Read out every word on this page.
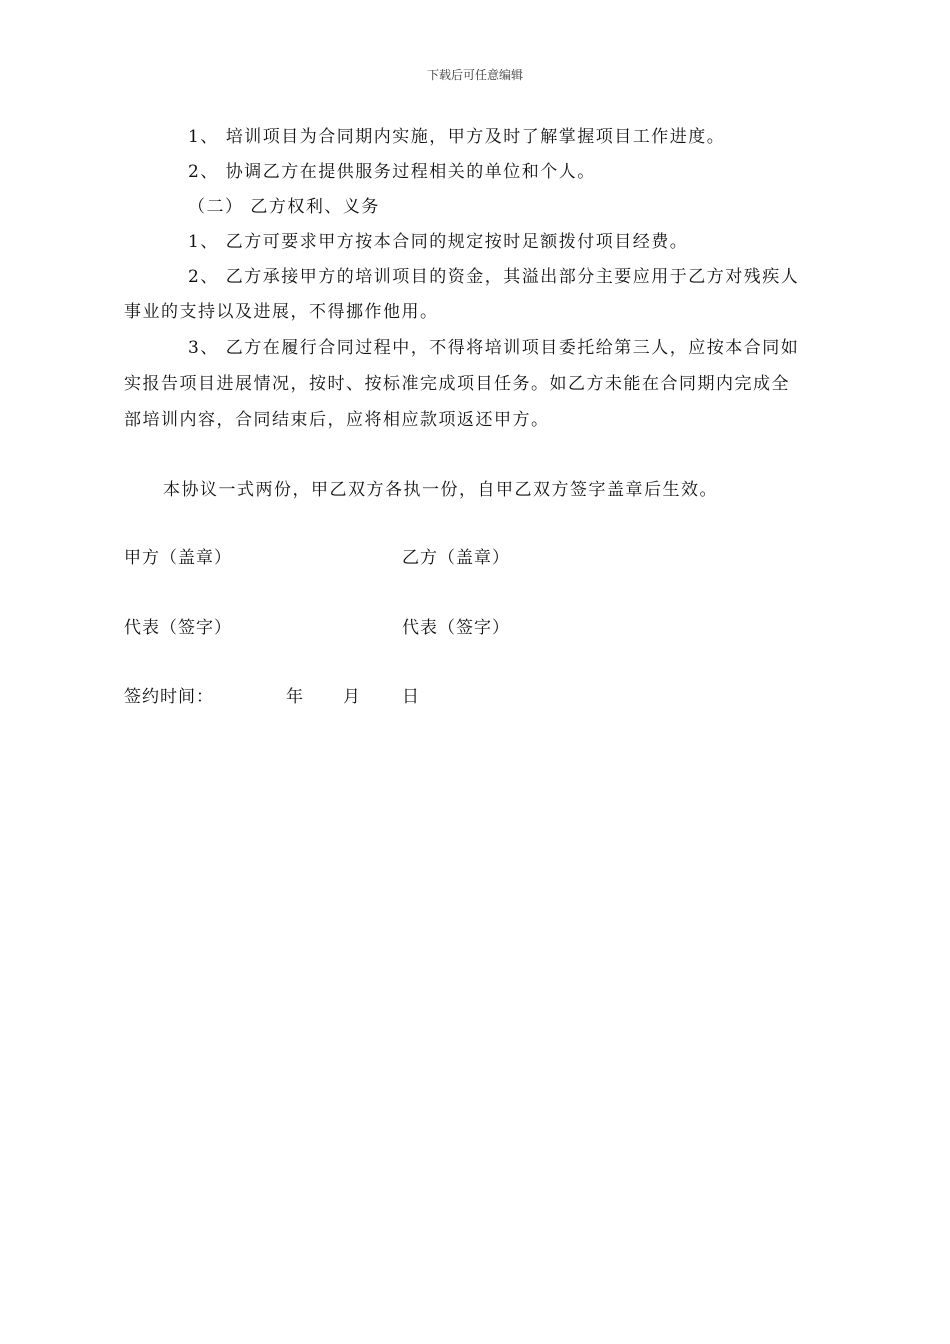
下载后可任意编辑
1、 培训项目为合同期内实施，甲方及时了解掌握项目工作进度。
2、 协调乙方在提供服务过程相关的单位和个人。
（二） 乙方权利、义务
1、 乙方可要求甲方按本合同的规定按时足额拨付项目经费。
2、 乙方承接甲方的培训项目的资金，其溢出部分主要应用于乙方对残疾人
事业的支持以及进展，不得挪作他用。
3、 乙方在履行合同过程中，不得将培训项目委托给第三人，应按本合同如
实报告项目进展情况，按时、按标准完成项目任务。如乙方未能在合同期内完成全
部培训内容，合同结束后，应将相应款项返还甲方。
本协议一式两份，甲乙双方各执一份，自甲乙双方签字盖章后生效。
甲方（盖章）	乙方（盖章）
代表（签字）	代表（签字）
签约时间：	年 月 日
